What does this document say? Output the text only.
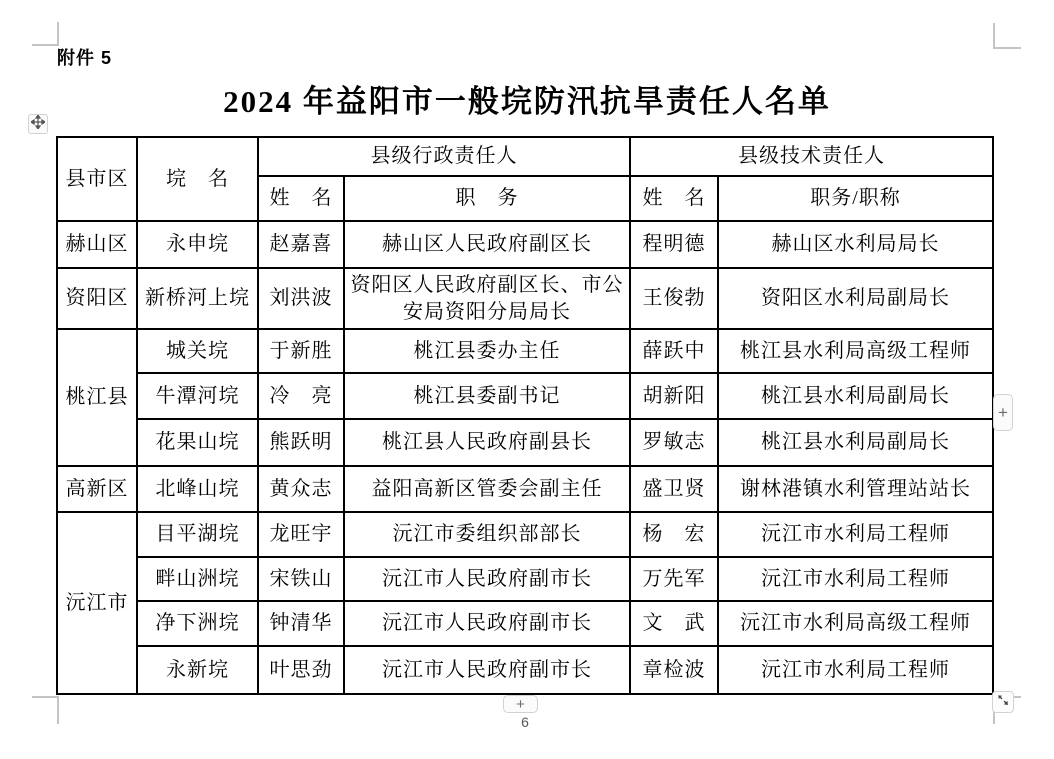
附件 5
2024 年益阳市一般垸防汛抗旱责任人名单
县市区	垸　名	县级行政责任人		县级技术责任人	
		姓　名	职　务	姓　名	职务/职称
赫山区	永申垸	赵嘉喜	赫山区人民政府副区长	程明德	赫山区水利局局长
资阳区	新桥河上垸	刘洪波	资阳区人民政府副区长、市公安局资阳分局局长	王俊勃	资阳区水利局副局长
桃江县	城关垸	于新胜	桃江县委办主任	薛跃中	桃江县水利局高级工程师
	牛潭河垸	冷　亮	桃江县委副书记	胡新阳	桃江县水利局副局长
	花果山垸	熊跃明	桃江县人民政府副县长	罗敏志	桃江县水利局副局长
高新区	北峰山垸	黄众志	益阳高新区管委会副主任	盛卫贤	谢林港镇水利管理站站长
沅江市	目平湖垸	龙旺宇	沅江市委组织部部长	杨　宏	沅江市水利局工程师
	畔山洲垸	宋铁山	沅江市人民政府副市长	万先军	沅江市水利局工程师
	净下洲垸	钟清华	沅江市人民政府副市长	文　武	沅江市水利局高级工程师
	永新垸	叶思劲	沅江市人民政府副市长	章检波	沅江市水利局工程师
+
+
6
